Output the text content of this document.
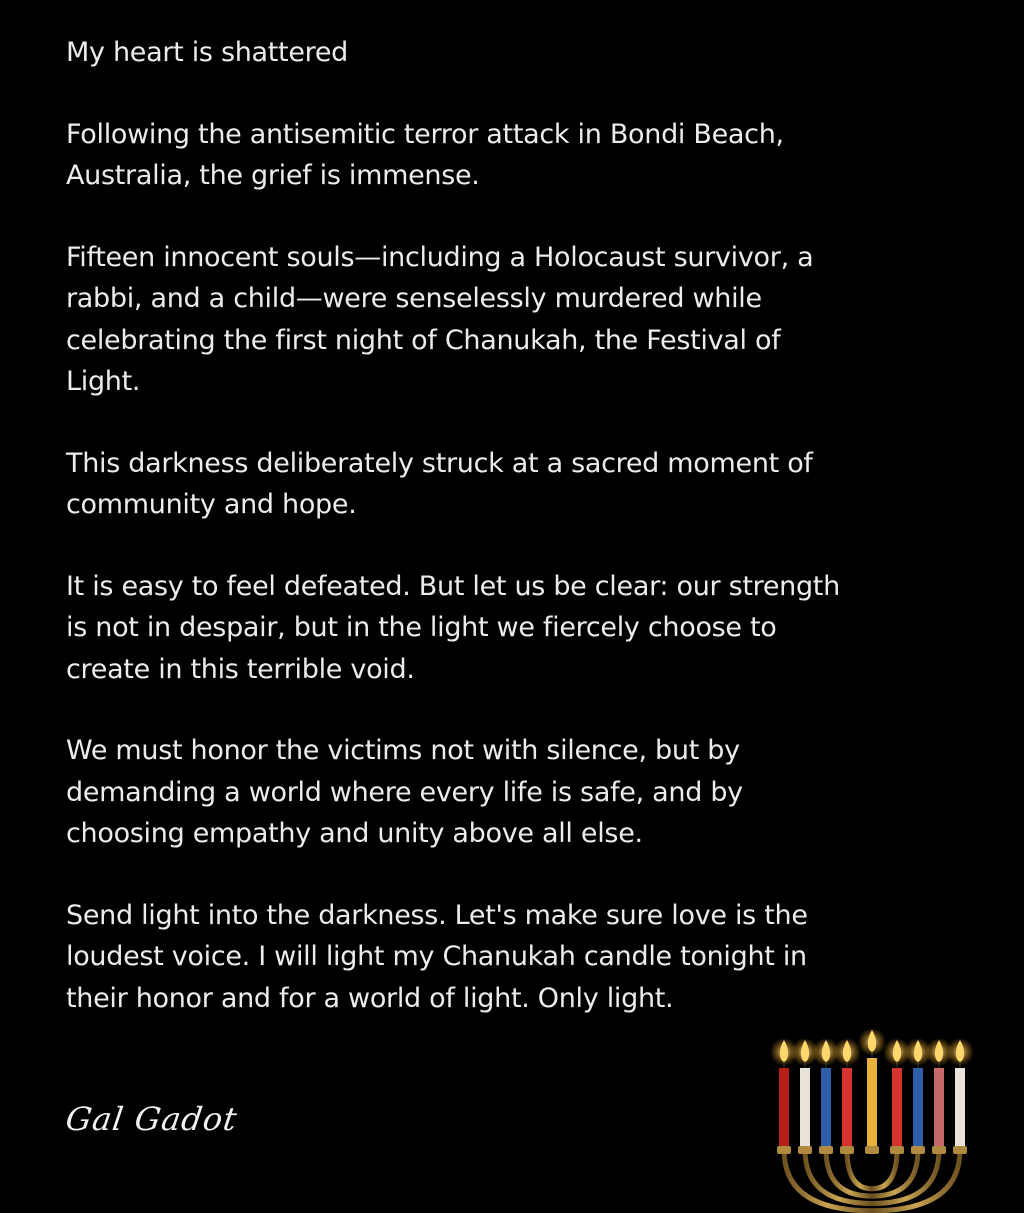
My heart is shattered

Following the antisemitic terror attack in Bondi Beach,
Australia, the grief is immense.

Fifteen innocent souls—including a Holocaust survivor, a
rabbi, and a child—were senselessly murdered while
celebrating the first night of Chanukah, the Festival of
Light.

This darkness deliberately struck at a sacred moment of
community and hope.

It is easy to feel defeated. But let us be clear: our strength
is not in despair, but in the light we fiercely choose to
create in this terrible void.

We must honor the victims not with silence, but by
demanding a world where every life is safe, and by
choosing empathy and unity above all else.

Send light into the darkness. Let's make sure love is the
loudest voice. I will light my Chanukah candle tonight in
their honor and for a world of light. Only light.

Gal Gadot
